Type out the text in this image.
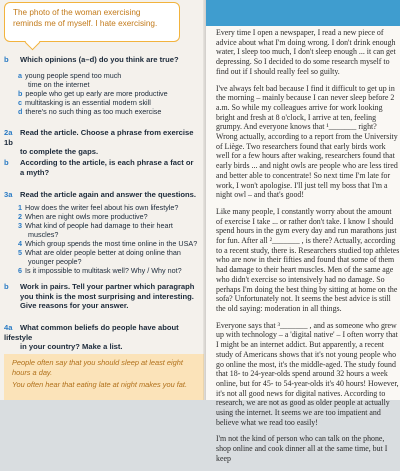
The photo of the woman exercising reminds me of myself. I hate exercising.
b Which opinions (a–d) do you think are true?
a young people spend too much
time on the internet
b people who get up early are more productive
c multitasking is an essential modern skill
d there's no such thing as too much exercise
2a Read the article. Choose a phrase from exercise 1b
to complete the gaps.
b According to the article, is each phrase a fact or
a myth?
3a Read the article again and answer the questions.
1 How does the writer feel about his own lifestyle?
2 When are night owls more productive?
3 What kind of people had damage to their heart
muscles?
4 Which group spends the most time online in the USA?
5 What are older people better at doing online than
younger people?
6 Is it impossible to multitask well? Why / Why not?
b Work in pairs. Tell your partner which paragraph
you think is the most surprising and interesting.
Give reasons for your answer.
4a What common beliefs do people have about lifestyle
in your country? Make a list.
People often say that you should sleep at least eight hours a day.
You often hear that eating late at night makes you fat.

Every time I open a newspaper, I read a new piece of advice about what I'm doing wrong. I don't drink enough water, I sleep too much, I don't sleep enough ... it can get depressing. So I decided to do some research myself to find out if I should really feel so guilty.

I've always felt bad because I find it difficult to get up in the morning – mainly because I can never sleep before 2 a.m. So while my colleagues arrive for work looking bright and fresh at 8 o'clock, I arrive at ten, feeling grumpy. And everyone knows that ¹_______ right? Wrong actually, according to a report from the University of Liège. Two researchers found that early birds work well for a few hours after waking, researchers found that early birds ... and night owls are people who are less tired and better able to concentrate! So next time I'm late for work, I won't apologise. I'll just tell my boss that I'm a night owl – and that's good!

Like many people, I constantly worry about the amount of exercise I take ... or rather don't take. I know I should spend hours in the gym every day and run marathons just for fun. After all ²_______ , is there? Actually, according to a recent study, there is. Researchers studied top athletes who are now in their fifties and found that some of them had damage to their heart muscles. Men of the same age who didn't exercise so intensively had no damage. So perhaps I'm doing the best thing by sitting at home on the sofa? Unfortunately not. It seems the best advice is still the old saying: moderation in all things.

Everyone says that ³_______ , and as someone who grew up with technology – a 'digital native' – I often worry that I might be an internet addict. But apparently, a recent study of Americans shows that it's not young people who go online the most, it's the middle-aged. The study found that 18- to 24-year-olds spend around 32 hours a week online, but for 45- to 54-year-olds it's 40 hours! However, it's not all good news for digital natives. According to research, we are not as good as older people at actually using the internet. It seems we are too impatient and believe what we read too easily!

I'm not the kind of person who can talk on the phone, shop online and cook dinner all at the same time, but I keep
